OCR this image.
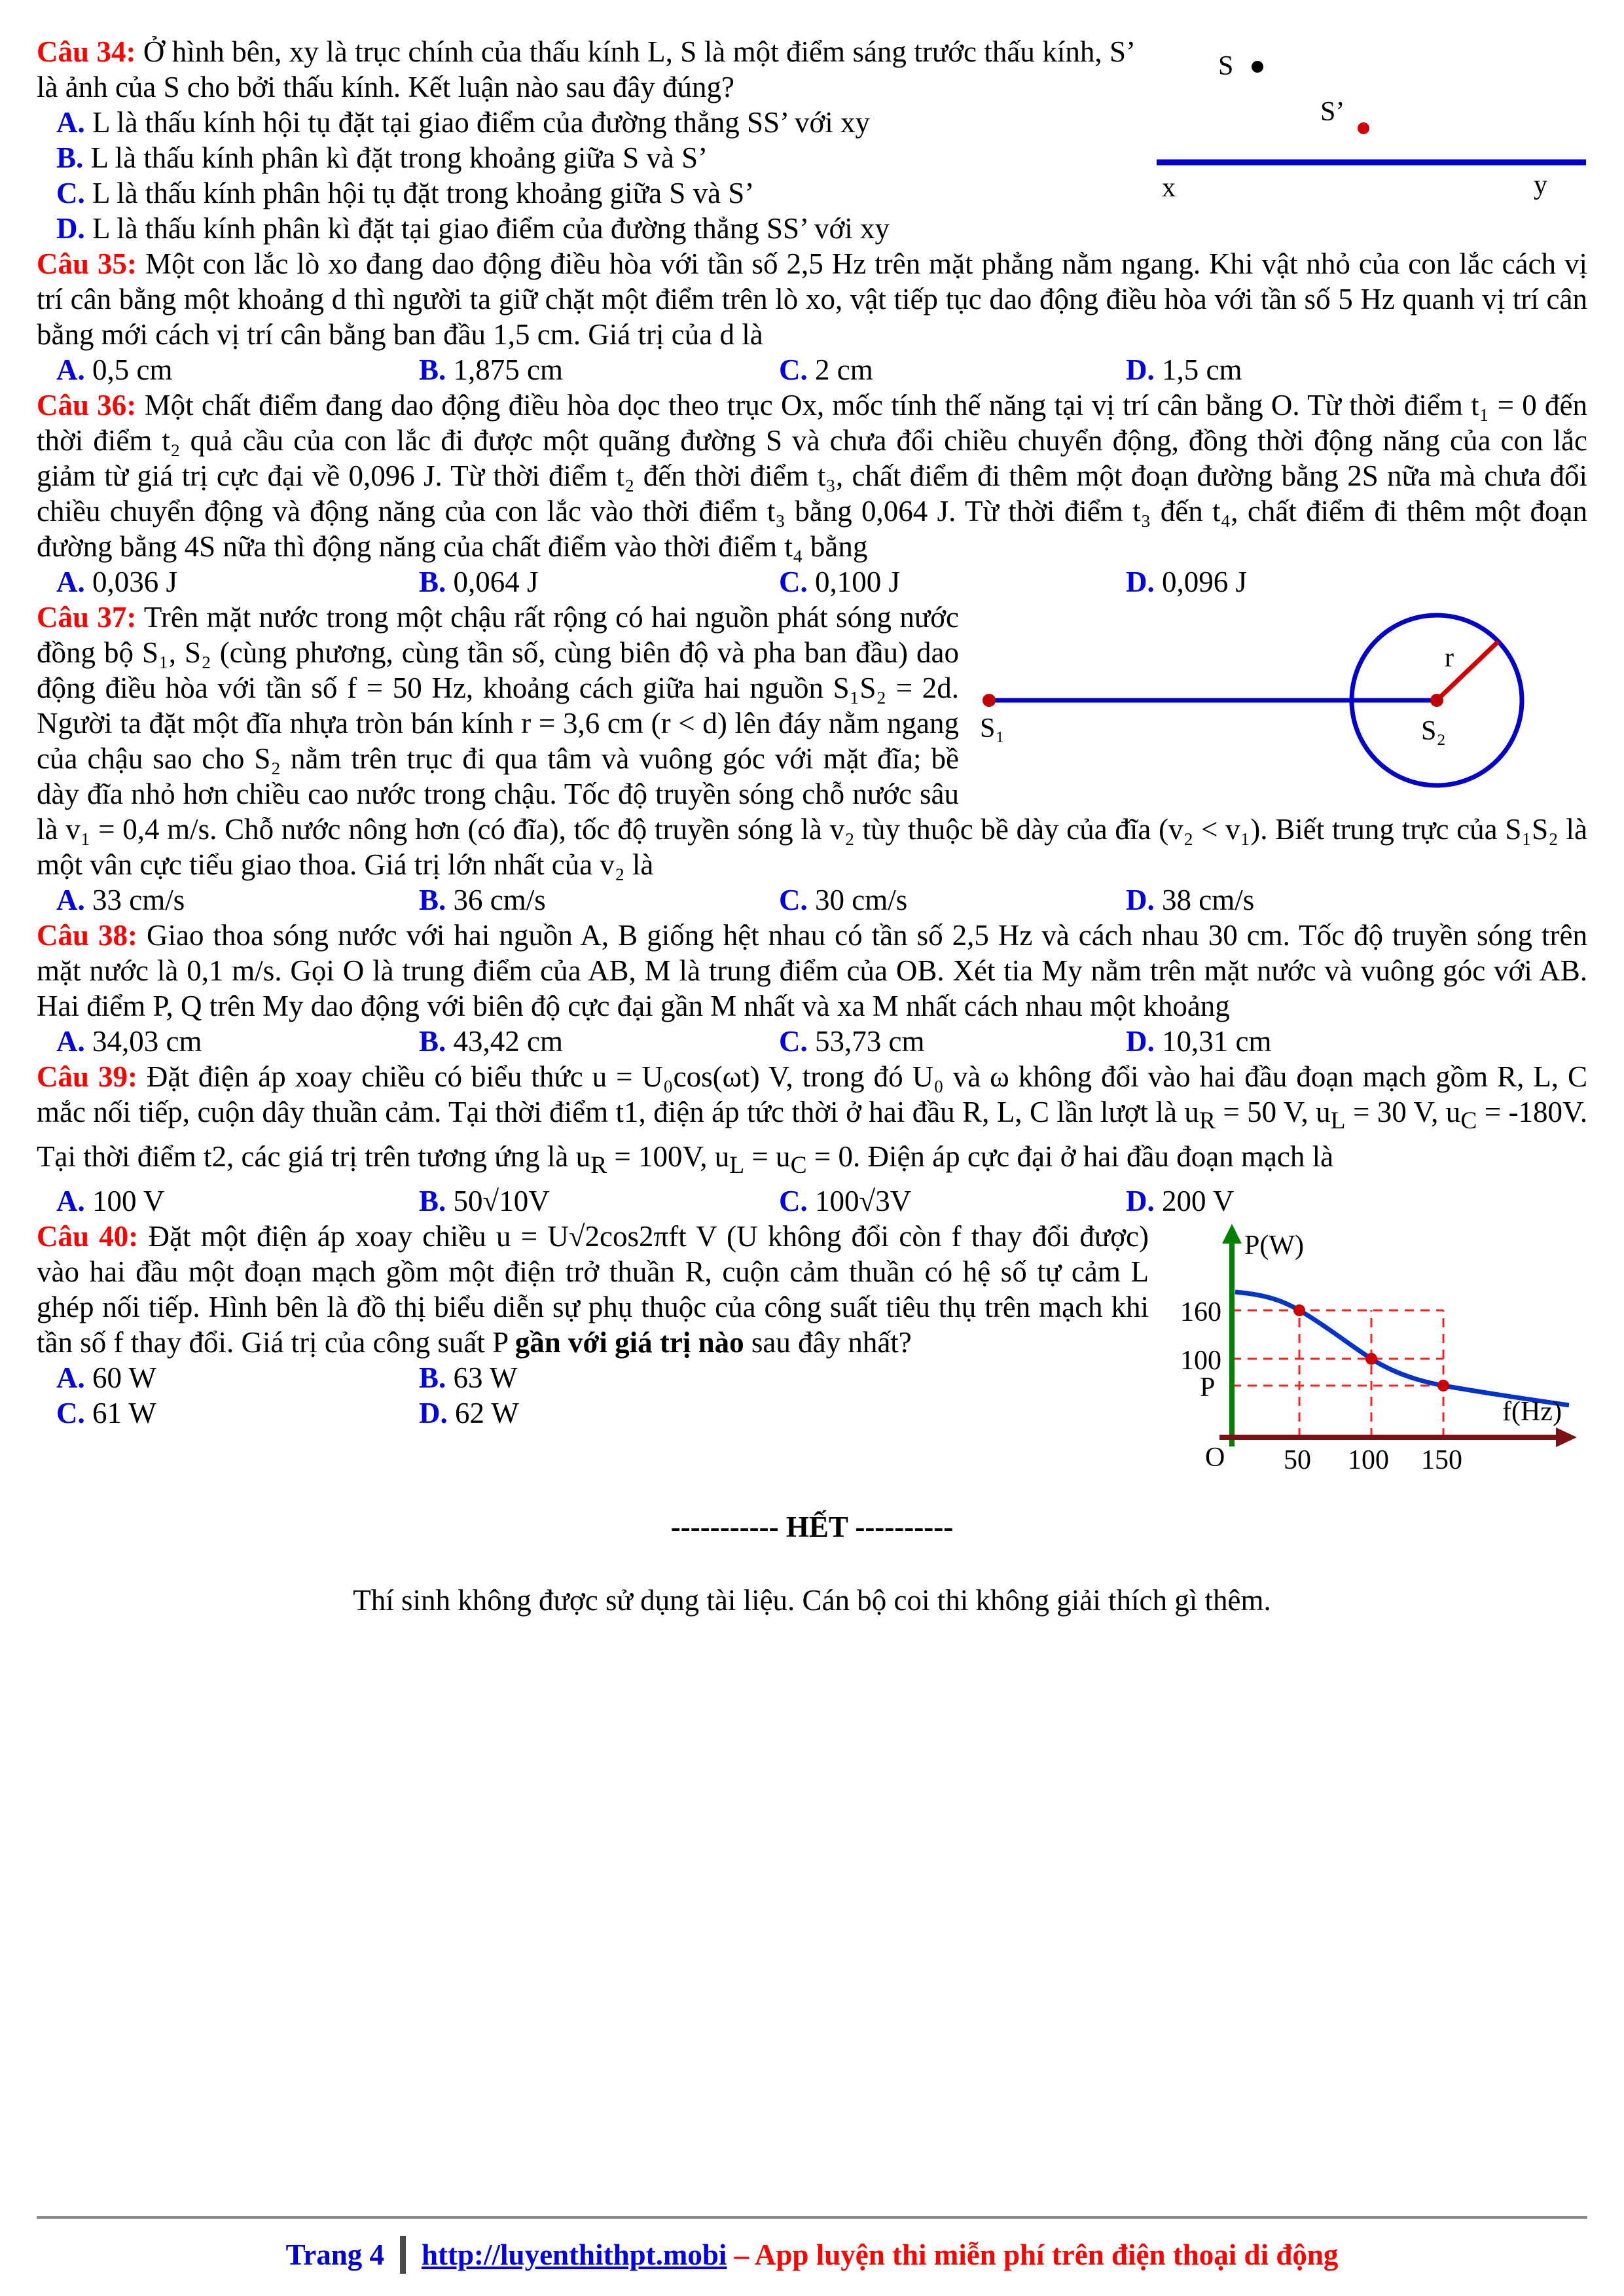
S
S’
x	y
Câu 34: Ở hình bên, xy là trục chính của thấu kính L, S là một điểm sáng trước thấu kính, S’ là ảnh của S cho bởi thấu kính. Kết luận nào sau đây đúng?

A. L là thấu kính hội tụ đặt tại giao điểm của đường thẳng SS’ với xy
B. L là thấu kính phân kì đặt trong khoảng giữa S và S’
C. L là thấu kính phân hội tụ đặt trong khoảng giữa S và S’
D. L là thấu kính phân kì đặt tại giao điểm của đường thẳng SS’ với xy

Câu 35: Một con lắc lò xo đang dao động điều hòa với tần số 2,5 Hz trên mặt phẳng nằm ngang. Khi vật nhỏ của con lắc cách vị trí cân bằng một khoảng d thì người ta giữ chặt một điểm trên lò xo, vật tiếp tục dao động điều hòa với tần số 5 Hz quanh vị trí cân bằng mới cách vị trí cân bằng ban đầu 1,5 cm. Giá trị của d là

A. 0,5 cm	B. 1,875 cm	C. 2 cm	D. 1,5 cm

Câu 36: Một chất điểm đang dao động điều hòa dọc theo trục Ox, mốc tính thế năng tại vị trí cân bằng O. Từ thời điểm t₁ = 0 đến thời điểm t₂ quả cầu của con lắc đi được một quãng đường S và chưa đổi chiều chuyển động, đồng thời động năng của con lắc giảm từ giá trị cực đại về 0,096 J. Từ thời điểm t₂ đến thời điểm t₃, chất điểm đi thêm một đoạn đường bằng 2S nữa mà chưa đổi chiều chuyển động và động năng của con lắc vào thời điểm t₃ bằng 0,064 J. Từ thời điểm t₃ đến t₄, chất điểm đi thêm một đoạn đường bằng 4S nữa thì động năng của chất điểm vào thời điểm t₄ bằng

A. 0,036 J	B. 0,064 J	C. 0,100 J	D. 0,096 J

r
S₁	S₂
Câu 37: Trên mặt nước trong một chậu rất rộng có hai nguồn phát sóng nước đồng bộ S₁, S₂ (cùng phương, cùng tần số, cùng biên độ và pha ban đầu) dao động điều hòa với tần số f = 50 Hz, khoảng cách giữa hai nguồn S₁S₂ = 2d. Người ta đặt một đĩa nhựa tròn bán kính r = 3,6 cm (r < d) lên đáy nằm ngang của chậu sao cho S₂ nằm trên trục đi qua tâm và vuông góc với mặt đĩa; bề dày đĩa nhỏ hơn chiều cao nước trong chậu. Tốc độ truyền sóng chỗ nước sâu là v₁ = 0,4 m/s. Chỗ nước nông hơn (có đĩa), tốc độ truyền sóng là v₂ tùy thuộc bề dày của đĩa (v₂ < v₁). Biết trung trực của S₁S₂ là một vân cực tiểu giao thoa. Giá trị lớn nhất của v₂ là

A. 33 cm/s	B. 36 cm/s	C. 30 cm/s	D. 38 cm/s

Câu 38: Giao thoa sóng nước với hai nguồn A, B giống hệt nhau có tần số 2,5 Hz và cách nhau 30 cm. Tốc độ truyền sóng trên mặt nước là 0,1 m/s. Gọi O là trung điểm của AB, M là trung điểm của OB. Xét tia My nằm trên mặt nước và vuông góc với AB. Hai điểm P, Q trên My dao động với biên độ cực đại gần M nhất và xa M nhất cách nhau một khoảng

A. 34,03 cm	B. 43,42 cm	C. 53,73 cm	D. 10,31 cm

Câu 39: Đặt điện áp xoay chiều có biểu thức u = U₀cos(ωt) V, trong đó U₀ và ω không đổi vào hai đầu đoạn mạch gồm R, L, C mắc nối tiếp, cuộn dây thuần cảm. Tại thời điểm t1, điện áp tức thời ở hai đầu R, L, C lần lượt là $u_R = 50$ V, $u_L = 30$ V, $u_C = -180V$. Tại thời điểm t2, các giá trị trên tương ứng là $u_R = 100V$, $u_L = u_C = 0$. Điện áp cực đại ở hai đầu đoạn mạch là

A. 100 V	B. 50√10V	C. 100√3V	D. 200 V

P(W)
f(Hz)
O
160
100
P
50 100 150
Câu 40: Đặt một điện áp xoay chiều u = U√2cos2πft V (U không đổi còn f thay đổi được) vào hai đầu một đoạn mạch gồm một điện trở thuần R, cuộn cảm thuần có hệ số tự cảm L ghép nối tiếp. Hình bên là đồ thị biểu diễn sự phụ thuộc của công suất tiêu thụ trên mạch khi tần số f thay đổi. Giá trị của công suất P gần với giá trị nào sau đây nhất?

A. 60 W	B. 63 W
C. 61 W	D. 62 W
----------- HẾT ----------
Thí sinh không được sử dụng tài liệu. Cán bộ coi thi không giải thích gì thêm.
Trang 4 http://luyenthithpt.mobi – App luyện thi miễn phí trên điện thoại di động
